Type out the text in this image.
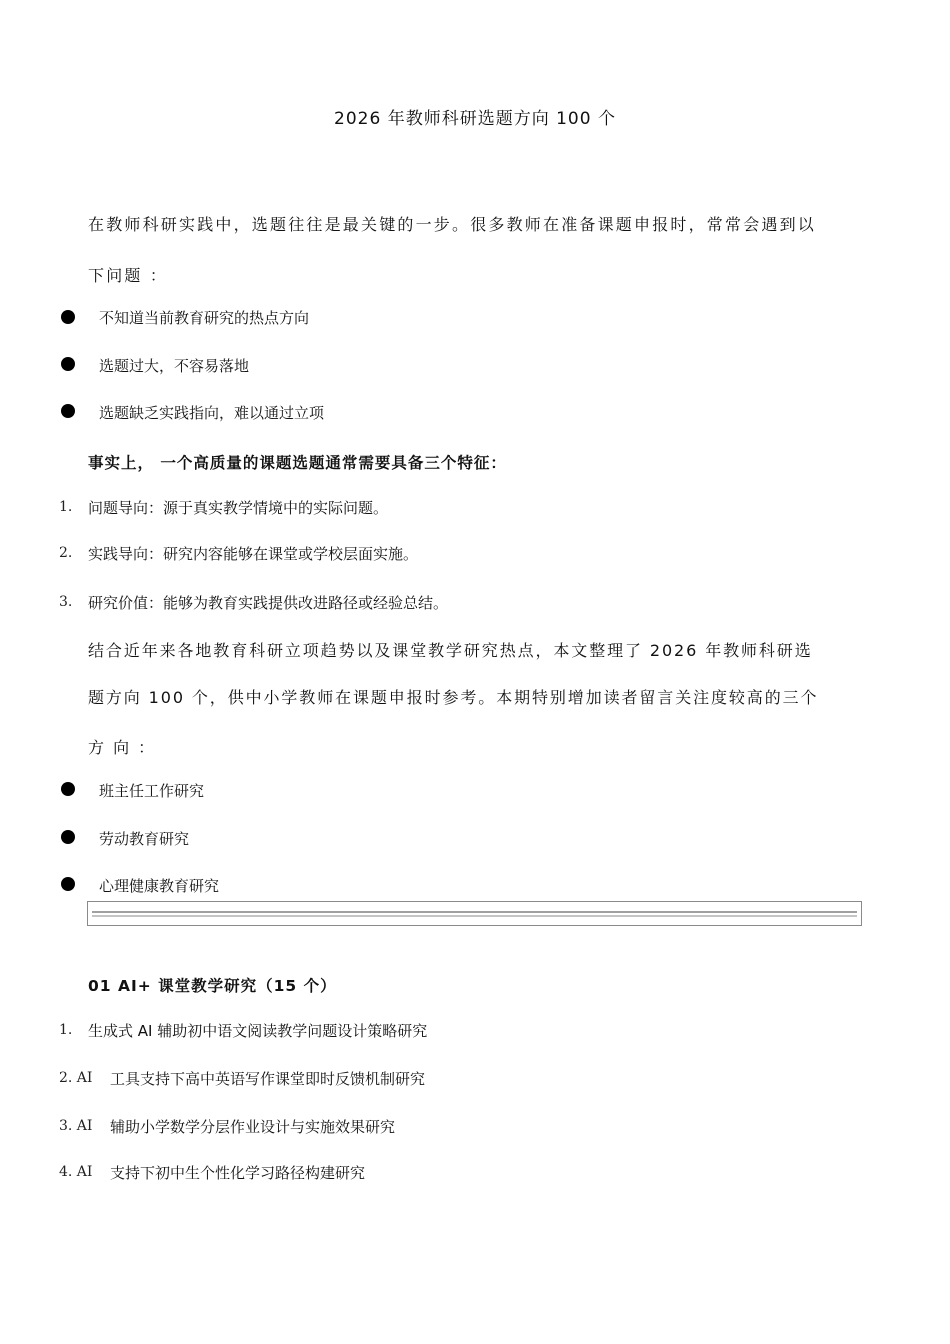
2026 年教师科研选题方向 100 个
在教师科研实践中，选题往往是最关键的一步。很多教师在准备课题申报时，常常会遇到以
下问题 ：
不知道当前教育研究的热点方向
选题过大，不容易落地
选题缺乏实践指向，难以通过立项
事实上， 一个高质量的课题选题通常需要具备三个特征：
1. 问题导向：源于真实教学情境中的实际问题。
2. 实践导向：研究内容能够在课堂或学校层面实施。
3. 研究价值：能够为教育实践提供改进路径或经验总结。
结合近年来各地教育科研立项趋势以及课堂教学研究热点，本文整理了 2026 年教师科研选
题方向 100 个，供中小学教师在课题申报时参考。本期特别增加读者留言关注度较高的三个
方 向 ：
班主任工作研究
劳动教育研究
心理健康教育研究
01 AI+ 课堂教学研究（15 个）
1. 生成式 AI 辅助初中语文阅读教学问题设计策略研究
2. AI 工具支持下高中英语写作课堂即时反馈机制研究
3. AI 辅助小学数学分层作业设计与实施效果研究
4. AI 支持下初中生个性化学习路径构建研究
